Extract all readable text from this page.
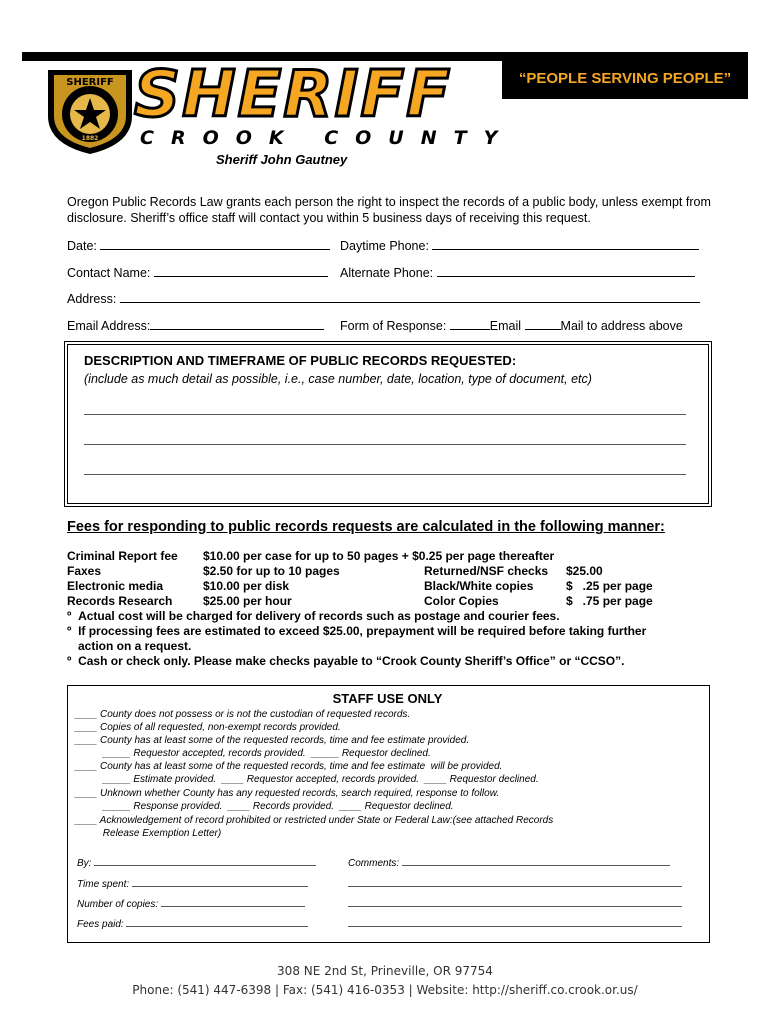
“PEOPLE SERVING PEOPLE”
SHERIFF
1882
SHERIFF
CROOK COUNTY
Sheriff John Gautney
Oregon Public Records Law grants each person the right to inspect the records of a public body, unless exempt from disclosure. Sheriff’s office staff will contact you within 5 business days of receiving this request.
Date:	Daytime Phone:
Contact Name:	Alternate Phone:
Address:
Email Address:	Form of Response:	Email	Mail to address above
DESCRIPTION AND TIMEFRAME OF PUBLIC RECORDS REQUESTED:
(include as much detail as possible, i.e., case number, date, location, type of document, etc)
Fees for responding to public records requests are calculated in the following manner:
Criminal Report fee $10.00 per case for up to 50 pages + $0.25 per page thereafter
Faxes	$2.50 for up to 10 pages	Returned/NSF checks $25.00
Electronic media	$10.00 per disk	Black/White copies	$   .25 per page
Records Research	$25.00 per hour	Color Copies	$   .75 per page
º Actual cost will be charged for delivery of records such as postage and courier fees.
º If processing fees are estimated to exceed $25.00, prepayment will be required before taking further
action on a request.
º Cash or check only. Please make checks payable to “Crook County Sheriff’s Office” or “CCSO”.
STAFF USE ONLY
____ County does not possess or is not the custodian of requested records.
____ Copies of all requested, non-exempt records provided.
____ County has at least some of the requested records, time and fee estimate provided.
_____ Requestor accepted, records provided.  _____ Requestor declined.
____ County has at least some of the requested records, time and fee estimate  will be provided.
_____ Estimate provided.  ____ Requestor accepted, records provided.  ____ Requestor declined.
____ Unknown whether County has any requested records, search required, response to follow.
_____ Response provided.  ____ Records provided.  ____ Requestor declined.
____ Acknowledgement of record prohibited or restricted under State or Federal Law:(see attached Records
Release Exemption Letter)
By:	Comments:
Time spent:
Number of copies:
Fees paid:
308 NE 2nd St, Prineville, OR 97754
Phone: (541) 447-6398 | Fax: (541) 416-0353 | Website: http://sheriff.co.crook.or.us/
